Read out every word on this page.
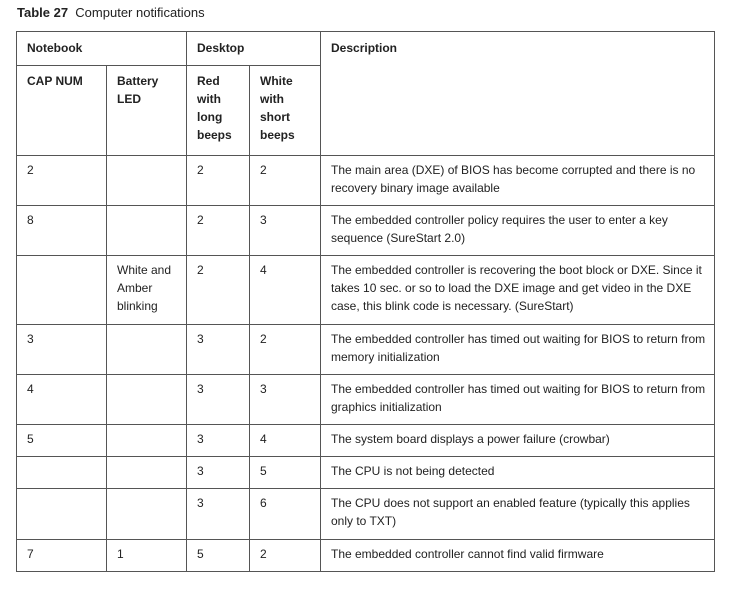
Table 27 Computer notifications
Notebook		Desktop		Description
CAP NUM	Battery LED	Red with long beeps	White with short beeps	
2		2	2	The main area (DXE) of BIOS has become corrupted and there is no recovery binary image available
8		2	3	The embedded controller policy requires the user to enter a key sequence (SureStart 2.0)
	White and Amber blinking	2	4	The embedded controller is recovering the boot block or DXE. Since it takes 10 sec. or so to load the DXE image and get video in the DXE case, this blink code is necessary. (SureStart)
3		3	2	The embedded controller has timed out waiting for BIOS to return from memory initialization
4		3	3	The embedded controller has timed out waiting for BIOS to return from graphics initialization
5		3	4	The system board displays a power failure (crowbar)
		3	5	The CPU is not being detected
		3	6	The CPU does not support an enabled feature (typically this applies only to TXT)
7	1	5	2	The embedded controller cannot find valid firmware
